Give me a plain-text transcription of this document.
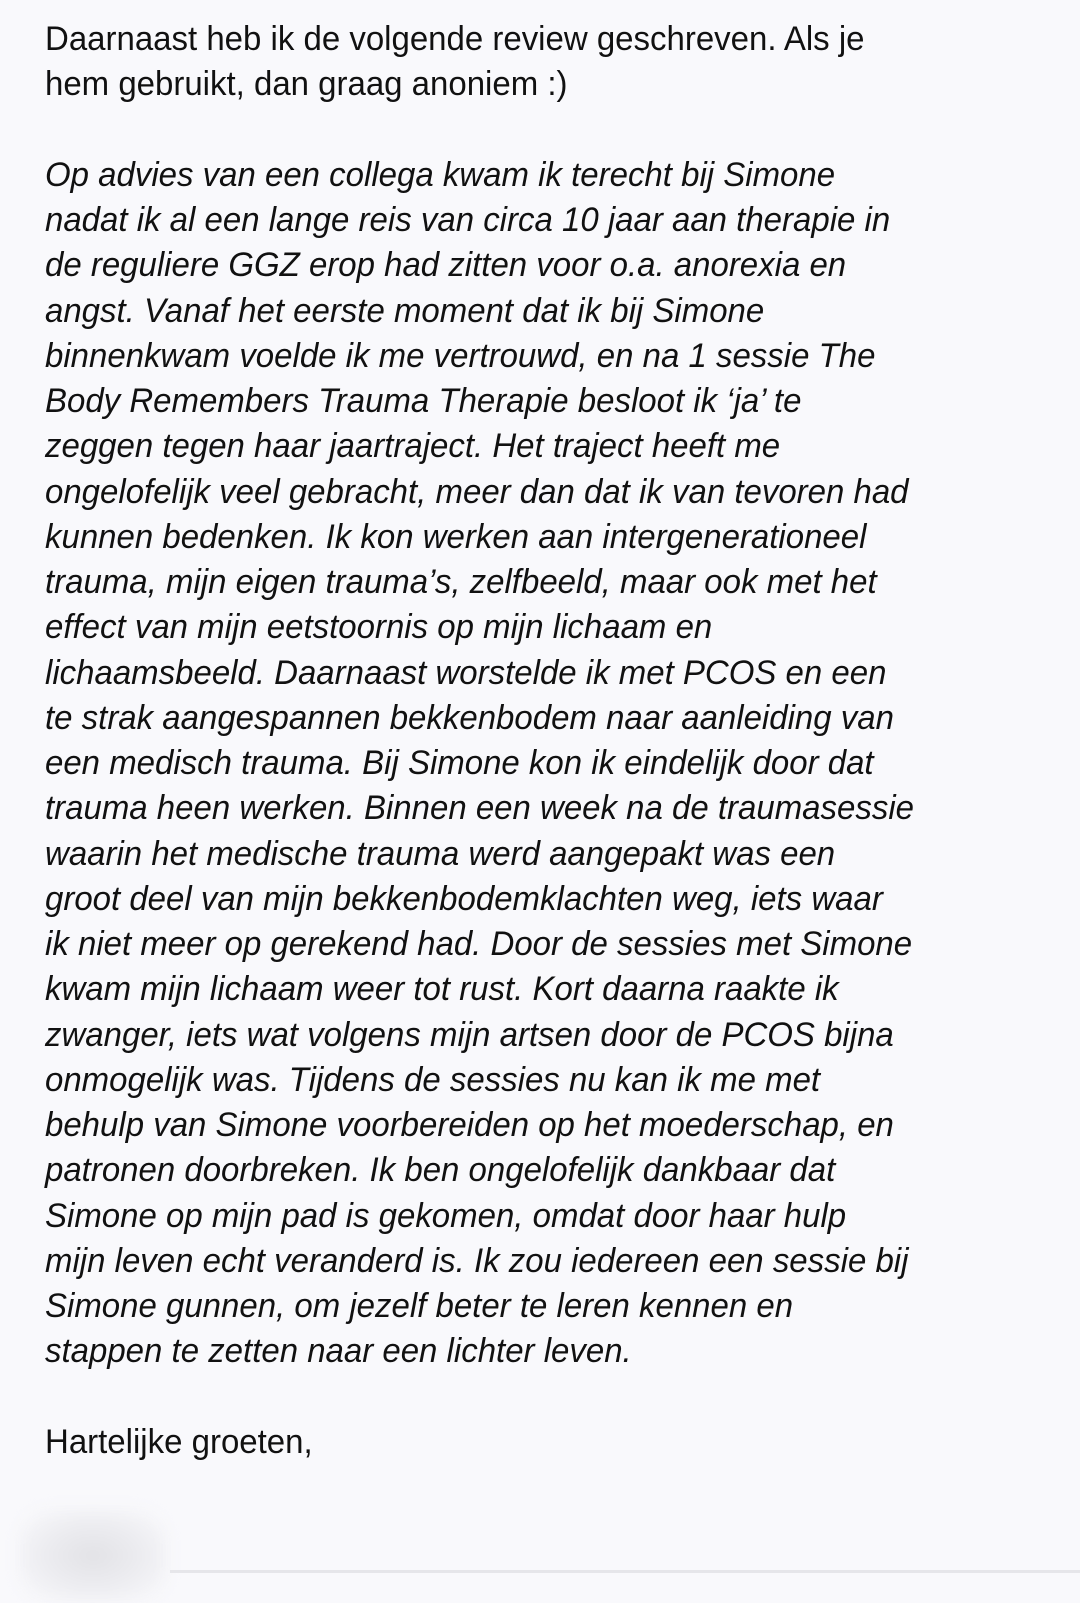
Daarnaast heb ik de volgende review geschreven. Als je
hem gebruikt, dan graag anoniem :)
Op advies van een collega kwam ik terecht bij Simone
nadat ik al een lange reis van circa 10 jaar aan therapie in
de reguliere GGZ erop had zitten voor o.a. anorexia en
angst. Vanaf het eerste moment dat ik bij Simone
binnenkwam voelde ik me vertrouwd, en na 1 sessie The
Body Remembers Trauma Therapie besloot ik ‘ja’ te
zeggen tegen haar jaartraject. Het traject heeft me
ongelofelijk veel gebracht, meer dan dat ik van tevoren had
kunnen bedenken. Ik kon werken aan intergenerationeel
trauma, mijn eigen trauma’s, zelfbeeld, maar ook met het
effect van mijn eetstoornis op mijn lichaam en
lichaamsbeeld. Daarnaast worstelde ik met PCOS en een
te strak aangespannen bekkenbodem naar aanleiding van
een medisch trauma. Bij Simone kon ik eindelijk door dat
trauma heen werken. Binnen een week na de traumasessie
waarin het medische trauma werd aangepakt was een
groot deel van mijn bekkenbodemklachten weg, iets waar
ik niet meer op gerekend had. Door de sessies met Simone
kwam mijn lichaam weer tot rust. Kort daarna raakte ik
zwanger, iets wat volgens mijn artsen door de PCOS bijna
onmogelijk was. Tijdens de sessies nu kan ik me met
behulp van Simone voorbereiden op het moederschap, en
patronen doorbreken. Ik ben ongelofelijk dankbaar dat
Simone op mijn pad is gekomen, omdat door haar hulp
mijn leven echt veranderd is. Ik zou iedereen een sessie bij
Simone gunnen, om jezelf beter te leren kennen en
stappen te zetten naar een lichter leven.
Hartelijke groeten,
